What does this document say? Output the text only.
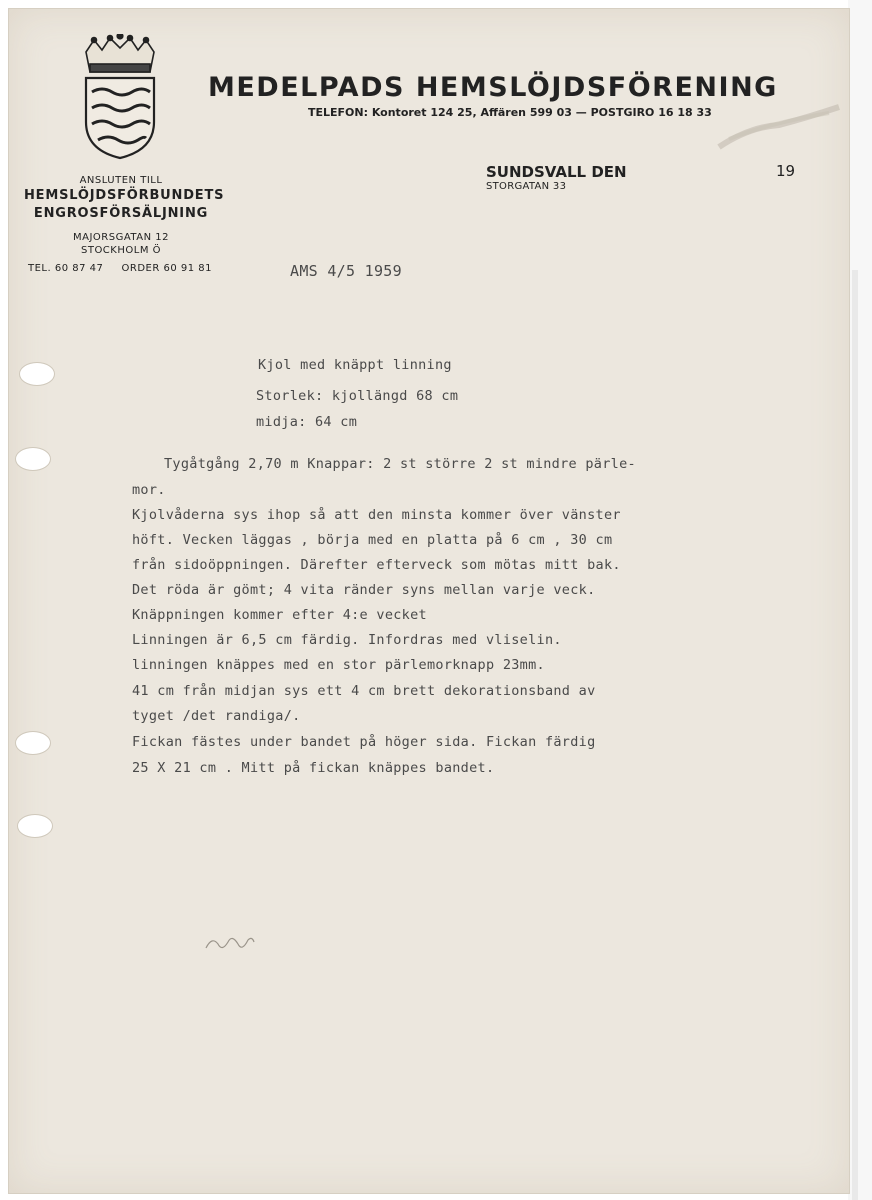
MEDELPADS HEMSLÖJDSFÖRENING
TELEFON: Kontoret 124 25, Affären 599 03 — POSTGIRO 16 18 33
ANSLUTEN TILL
HEMSLÖJDSFÖRBUNDETS
ENGROSFÖRSÄLJNING
MAJORSGATAN 12
STOCKHOLM Ö
TEL. 60 87 47 ORDER 60 91 81
SUNDSVALL DEN
STORGATAN 33
19
AMS 4/5 1959
Kjol med knäppt linning
Storlek: kjollängd 68 cm
midja: 64 cm
Tygåtgång 2,70 m Knappar: 2 st större 2 st mindre pärle-
mor.
Kjolvåderna sys ihop så att den minsta kommer över vänster
höft. Vecken läggas , börja med en platta på 6 cm , 30 cm
från sidoöppningen. Därefter efterveck som mötas mitt bak.
Det röda är gömt; 4 vita ränder syns mellan varje veck.
Knäppningen kommer efter 4:e vecket
Linningen är 6,5 cm färdig. Infordras med vliselin.
linningen knäppes med en stor pärlemorknapp 23mm.
41 cm från midjan sys ett 4 cm brett dekorationsband av
tyget /det randiga/.
Fickan fästes under bandet på höger sida. Fickan färdig
25 X 21 cm . Mitt på fickan knäppes bandet.
